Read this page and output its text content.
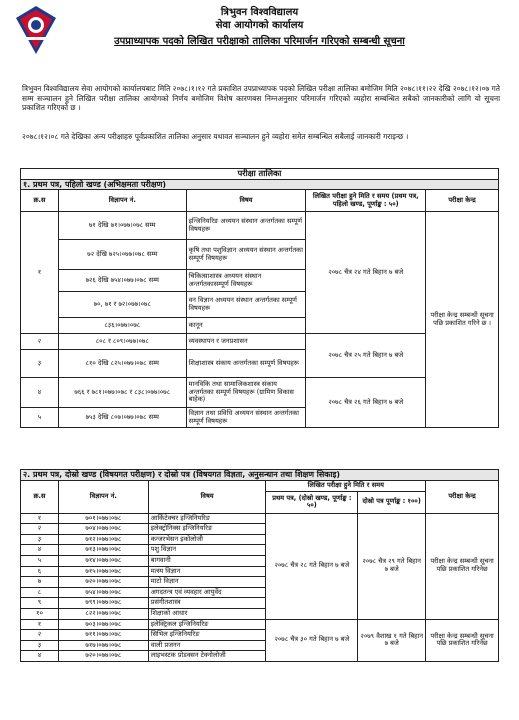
त्रिभुवन विश्वविद्यालय
सेवा आयोगको कार्यालय
उपप्राध्यापक पदको लिखित परीक्षाको तालिका परिमार्जन गरिएको सम्बन्धी सूचना
त्रिभुवन विश्वविद्यालय सेवा आयोगको कार्यालयबाट मिति २०७८।१।१२ गते प्रकाशित उपप्राध्यापक पदको लिखित परीक्षा तालिका बमोजिम मिति २०७८।११।२२ देखि २०७८।१२।०७ गते सम्म सञ्चालन हुने लिखित परीक्षा तालिका आयोगको निर्णय बमोजिम विशेष कारणबस निम्नअनुसार परिमार्जन गरिएको व्यहोरा सम्बन्धित सबैको जानकारीको लागि यो सूचना प्रकाशित गरिएको छ ।
२०७८।१२।०८ गते देखिका अन्य परीक्षाहरु पूर्वप्रकाशित तालिका अनुसार यथावत सञ्चालन हुने व्यहोरा समेत सम्बन्धित सबैलाई जानकारी गराइन्छ ।
परीक्षा तालिका				
१. प्रथम पत्र, पहिलो खण्ड (अभिक्षमता परीक्षण)				
क्र.स	विज्ञापन नं.	विषय	लिखित परीक्षा हुने मिति र समय (प्रथम पत्र, पहिलो खण्ड, पूर्णाङ्क : ५०)	परीक्षा केन्द्र
१	७१ देखि ७१।०७७।०७८ सम्म	इन्जिनियरिङ अध्ययन संस्थान अन्तर्गतका सम्पूर्ण विषयहरू	२०७८ चैत्र २४ गते बिहान ७ बजे	परीक्षा केन्द्र सम्बन्धी सूचना पछि प्रकाशित गरिने छ ।
	७२ देखि ७२५।०७७।०७८ सम्म	कृषि तथा पशुविज्ञान अध्ययन संस्थान अन्तर्गतका सम्पूर्ण विषयहरू		
	७२६ देखि ७५४।०७७।०७८ सम्म	चिकित्साशास्त्र अध्ययन संस्थान अन्तर्गतकासम्पूर्ण विषयहरू		
	७०, ७१ र ७२।०७७।०७८	वन विज्ञान अध्ययन संस्थान अन्तर्गतका सम्पूर्ण विषयहरू		
	८३६।०७७।०७८	कानून		
२	८०८ र ८०९।०७७।०७८	व्यवस्थापन र जनप्रशासन	२०७८ चैत्र २५ गते बिहान ७ बजे	
३	८१० देखि ८२५।०७७।०७८ सम्म	शिक्षाशास्त्र संकाय अन्तर्गतका सम्पूर्ण विषयहरू		
४	७६६ र ७८१।०७७।०७८ र ८३८।०७७।०७८	मानविकि तथा सामाजिकशास्त्र संकाय अन्तर्गतका सम्पूर्ण विषयहरू (ग्रामिण विकास बाहेक)	२०७८ चैत्र २६ गते बिहान ७ बजे	
५	७५३ देखि ८०७।०७७।०७८ सम्म	विज्ञान तथा प्रविधि अध्ययन संस्थान अन्तर्गतका सम्पूर्ण विषयहरू		
२. प्रथम पत्र, दोस्रो खण्ड (विषयगत परीक्षण) र दोस्रो पत्र (विषयगत विज्ञता, अनुसन्धान तथा शिक्षण सिकाइ)					
क्र.स	विज्ञापन नं.	विषय	लिखित परीक्षा हुने मिति र समय		परीक्षा केन्द्र
			प्रथम पत्र, (दोस्रो खण्ड, पूर्णाङ्क : ५०)	दोस्रो पत्र पूर्णाङ्क : १००)	
१	७०१।०७७।०७८	आर्किटेक्चर इन्जिनियरिङ	२०७८ चैत्र २८ गते बिहान ७ बजे	२०७८ चैत्र २९ गते बिहान ७ बजे	परीक्षा केन्द्र सम्बन्धी सूचना पछि प्रकाशित गरिनेछ
२	७०४।०७७।०७८	इलेक्ट्रोनिक्स इन्जिनियरिङ			
३	७१२।०७७।०७८	कन्जरभेसन इकोलोजी			
४	७१३।०७७।०७८	पशु विज्ञान			
५	७१४।०७७।०७८	बागवानी			
६	७१५।०७७।०७८	मत्स्य विज्ञान			
७	७२०।०७७।०७८	माटो विज्ञान			
८	७५४।०७७।०७८	अगदतन्त्र एवं व्यवहार आयुर्वेद			
९	७९९।०७७।०७८	प्रसंगीतशास्त्र			
१०	८२२।०७७।०७८	शिक्षाको आधार			
१	७०३।०७७।०७८	इलेक्ट्रिकल इन्जिनियरिङ	२०७८ चैत्र ३० गते बिहान ७ बजे	२०७९ वैशाख १ गते बिहान ७ बजे	परीक्षा केन्द्र सम्बन्धी सूचना पछि प्रकाशित गरिनेछ
२	७११।०७७।०७८	सिभिल इन्जिनियरिङ			
३	७१७।०७७।०७८	वाली प्रजनन			
४	७२०।०७७।०७८	लाइभस्टक प्रोडक्सन टेक्नोलोजी			
